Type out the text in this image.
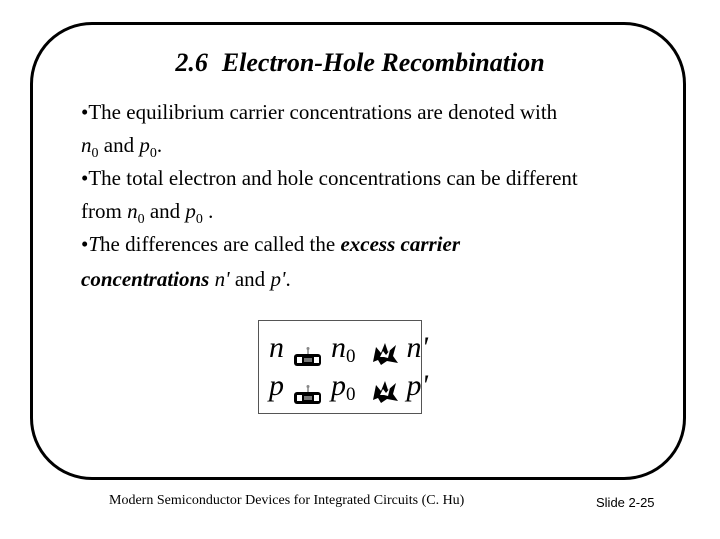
2.6 Electron-Hole Recombination
•The equilibrium carrier concentrations are denoted with
$n_0$ and $p_0$.
•The total electron and hole concentrations can be different
from $n_0$ and $p_0$ .
•The differences are called the excess carrier
concentrations n' and p'.
n n0 n'
p p0 p'
Modern Semiconductor Devices for Integrated Circuits (C. Hu)	Slide 2-25
